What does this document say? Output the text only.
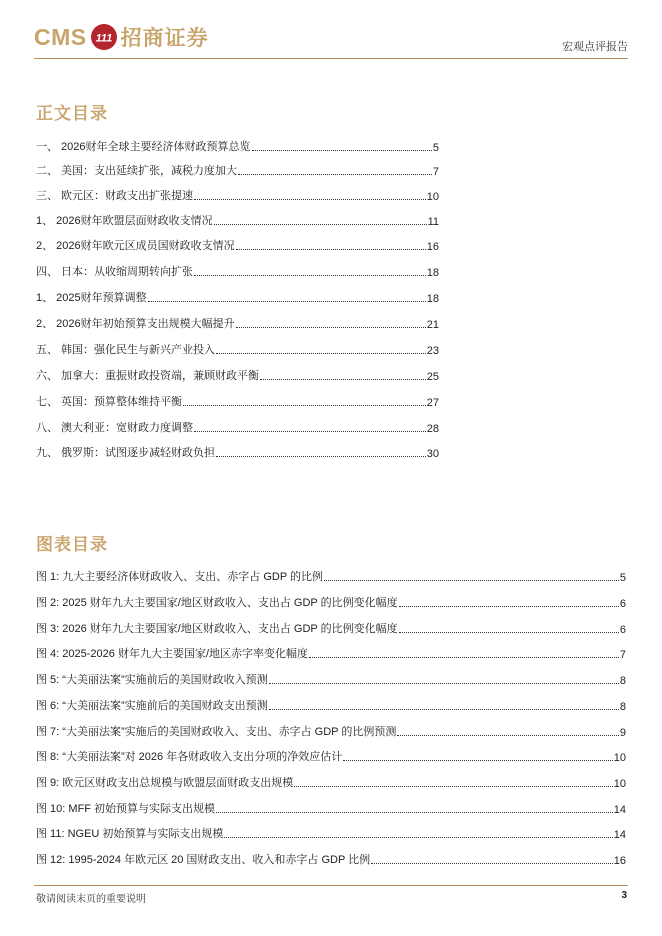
CMS 111 招商证券	宏观点评报告
正文目录
一、 2026财年全球主要经济体财政预算总览	5
二、 美国：支出延续扩张，减税力度加大	7
三、 欧元区：财政支出扩张提速	10
1、 2026财年欧盟层面财政收支情况	11
2、 2026财年欧元区成员国财政收支情况	16
四、 日本：从收缩周期转向扩张	18
1、 2025财年预算调整	18
2、 2026财年初始预算支出规模大幅提升	21
五、 韩国：强化民生与新兴产业投入	23
六、 加拿大：重振财政投资端，兼顾财政平衡	25
七、 英国：预算整体维持平衡	27
八、 澳大利亚：宽财政力度调整	28
九、 俄罗斯：试图逐步减轻财政负担	30
图表目录
图 1: 九大主要经济体财政收入、支出、赤字占 GDP 的比例	5
图 2: 2025 财年九大主要国家/地区财政收入、支出占 GDP 的比例变化幅度	6
图 3: 2026 财年九大主要国家/地区财政收入、支出占 GDP 的比例变化幅度	6
图 4: 2025-2026 财年九大主要国家/地区赤字率变化幅度	7
图 5: “大美丽法案”实施前后的美国财政收入预测	8
图 6: “大美丽法案”实施前后的美国财政支出预测	8
图 7: “大美丽法案”实施后的美国财政收入、支出、赤字占 GDP 的比例预测	9
图 8: “大美丽法案”对 2026 年各财政收入支出分项的净效应估计	10
图 9: 欧元区财政支出总规模与欧盟层面财政支出规模	10
图 10: MFF 初始预算与实际支出规模	14
图 11: NGEU 初始预算与实际支出规模	14
图 12: 1995-2024 年欧元区 20 国财政支出、收入和赤字占 GDP 比例	16
敬请阅读末页的重要说明	3
